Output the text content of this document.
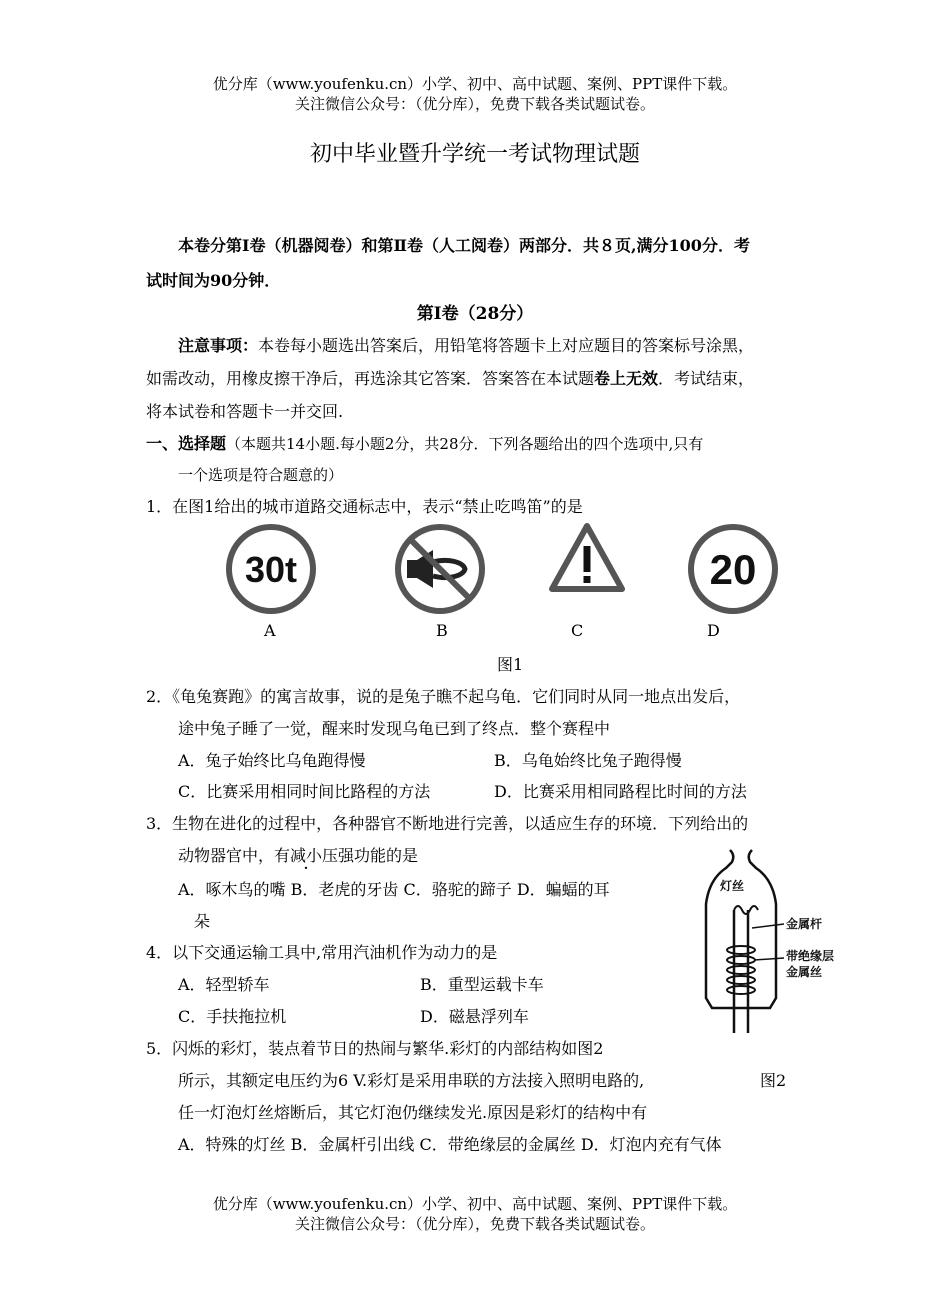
优分库（www.youfenku.cn）小学、初中、高中试题、案例、PPT课件下载。
关注微信公众号：（优分库），免费下载各类试题试卷。
初中毕业暨升学统一考试物理试题
本卷分第Ⅰ卷（机器阅卷）和第Ⅱ卷（人工阅卷）两部分．共８页,满分100分．考
试时间为90分钟．
第Ⅰ卷（28分）
注意事项：本卷每小题选出答案后，用铅笔将答题卡上对应题目的答案标号涂黑，
如需改动，用橡皮擦干净后，再选涂其它答案．答案答在本试题卷上无效．考试结束，
将本试卷和答题卡一并交回.
一、选择题（本题共14小题.每小题2分，共28分．下列各题给出的四个选项中,只有
一个选项是符合题意的）
1．在图1给出的城市道路交通标志中，表示“禁止吃鸣笛”的是
30t	20
A	B	C	D
图1
2．《龟兔赛跑》的寓言故事，说的是兔子瞧不起乌龟．它们同时从同一地点出发后，
途中兔子睡了一觉，醒来时发现乌龟已到了终点．整个赛程中
A．兔子始终比乌龟跑得慢	B．乌龟始终比兔子跑得慢
C．比赛采用相同时间比路程的方法	D．比赛采用相同路程比时间的方法
3．生物在进化的过程中，各种器官不断地进行完善，以适应生存的环境．下列给出的
动物器官中，有减小压强功能的是
A．啄木鸟的嘴 B．老虎的牙齿 C．骆驼的蹄子 D．蝙蝠的耳
朵
4．以下交通运输工具中,常用汽油机作为动力的是
A．轻型轿车	B．重型运载卡车
C．手扶拖拉机	D．磁悬浮列车
5．闪烁的彩灯，装点着节日的热闹与繁华.彩灯的内部结构如图2
所示，其额定电压约为6 V.彩灯是采用串联的方法接入照明电路的,
任一灯泡灯丝熔断后，其它灯泡仍继续发光.原因是彩灯的结构中有
A．特殊的灯丝 B．金属杆引出线 C．带绝缘层的金属丝 D．灯泡内充有气体
图2
灯丝
金属杆
带绝缘层
金属丝
优分库（www.youfenku.cn）小学、初中、高中试题、案例、PPT课件下载。
关注微信公众号：（优分库），免费下载各类试题试卷。
